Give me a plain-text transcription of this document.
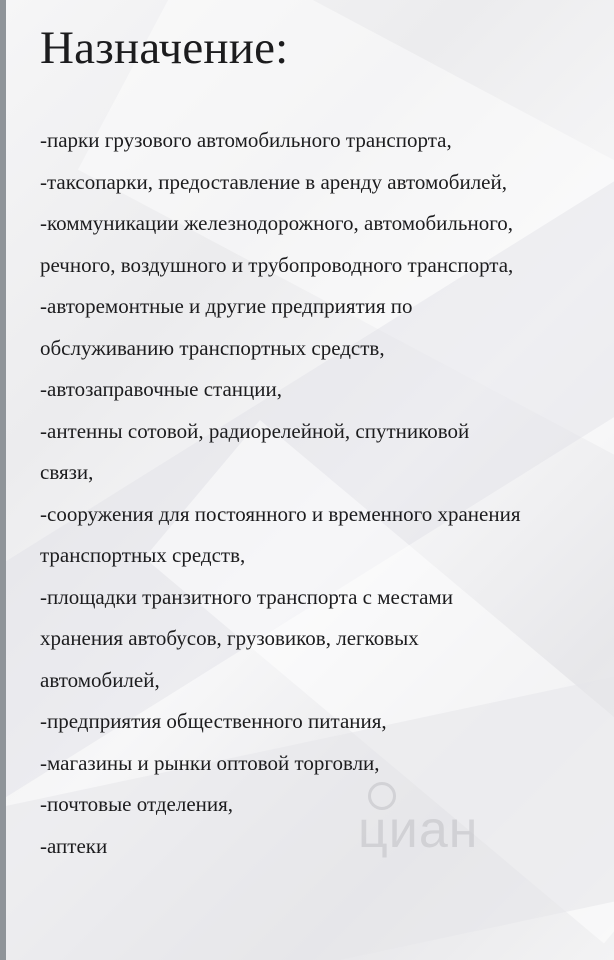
Назначение:
-парки грузового автомобильного транспорта,
-таксопарки, предоставление в аренду автомобилей,
-коммуникации железнодорожного, автомобильного,
речного, воздушного и трубопроводного транспорта,
-авторемонтные и другие предприятия по
обслуживанию транспортных средств,
-автозаправочные станции,
-антенны сотовой, радиорелейной, спутниковой
связи,
-сооружения для постоянного и временного хранения
транспортных средств,
-площадки транзитного транспорта с местами
хранения автобусов, грузовиков, легковых
автомобилей,
-предприятия общественного питания,
-магазины и рынки оптовой торговли,
-почтовые отделения,
-аптеки	циан
